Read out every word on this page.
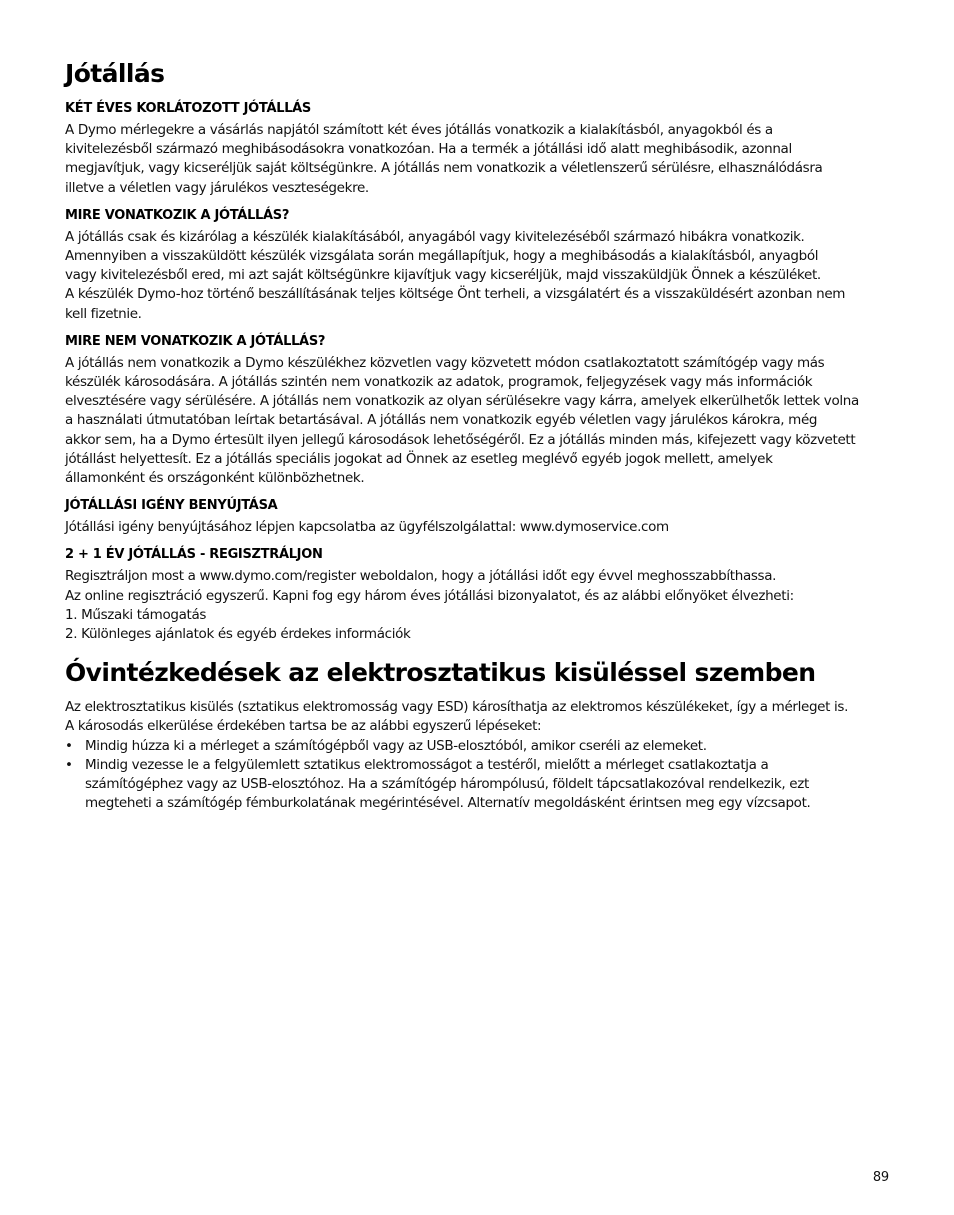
Jótállás
KÉT ÉVES KORLÁTOZOTT JÓTÁLLÁS

A Dymo mérlegekre a vásárlás napjától számított két éves jótállás vonatkozik a kialakításból, anyagokból és a
kivitelezésből származó meghibásodásokra vonatkozóan. Ha a termék a jótállási idő alatt meghibásodik, azonnal
megjavítjuk, vagy kicseréljük saját költségünkre. A jótállás nem vonatkozik a véletlenszerű sérülésre, elhasználódásra
illetve a véletlen vagy járulékos veszteségekre.

MIRE VONATKOZIK A JÓTÁLLÁS?

A jótállás csak és kizárólag a készülék kialakításából, anyagából vagy kivitelezéséből származó hibákra vonatkozik.
Amennyiben a visszaküldött készülék vizsgálata során megállapítjuk, hogy a meghibásodás a kialakításból, anyagból
vagy kivitelezésből ered, mi azt saját költségünkre kijavítjuk vagy kicseréljük, majd visszaküldjük Önnek a készüléket.
A készülék Dymo-hoz történő beszállításának teljes költsége Önt terheli, a vizsgálatért és a visszaküldésért azonban nem
kell fizetnie.

MIRE NEM VONATKOZIK A JÓTÁLLÁS?

A jótállás nem vonatkozik a Dymo készülékhez közvetlen vagy közvetett módon csatlakoztatott számítógép vagy más
készülék károsodására. A jótállás szintén nem vonatkozik az adatok, programok, feljegyzések vagy más információk
elvesztésére vagy sérülésére. A jótállás nem vonatkozik az olyan sérülésekre vagy kárra, amelyek elkerülhetők lettek volna
a használati útmutatóban leírtak betartásával. A jótállás nem vonatkozik egyéb véletlen vagy járulékos károkra, még
akkor sem, ha a Dymo értesült ilyen jellegű károsodások lehetőségéről. Ez a jótállás minden más, kifejezett vagy közvetett
jótállást helyettesít. Ez a jótállás speciális jogokat ad Önnek az esetleg meglévő egyéb jogok mellett, amelyek
államonként és országonként különbözhetnek.

JÓTÁLLÁSI IGÉNY BENYÚJTÁSA

Jótállási igény benyújtásához lépjen kapcsolatba az ügyfélszolgálattal: www.dymoservice.com

2 + 1 ÉV JÓTÁLLÁS - REGISZTRÁLJON

Regisztráljon most a www.dymo.com/register weboldalon, hogy a jótállási időt egy évvel meghosszabbíthassa.
Az online regisztráció egyszerű. Kapni fog egy három éves jótállási bizonyalatot, és az alábbi előnyöket élvezheti:
1. Műszaki támogatás
2. Különleges ajánlatok és egyéb érdekes információk

Óvintézkedések az elektrosztatikus kisüléssel szemben

Az elektrosztatikus kisülés (sztatikus elektromosság vagy ESD) károsíthatja az elektromos készülékeket, így a mérleget is.
A károsodás elkerülése érdekében tartsa be az alábbi egyszerű lépéseket:

• Mindig húzza ki a mérleget a számítógépből vagy az USB-elosztóból, amikor cseréli az elemeket.
• Mindig vezesse le a felgyülemlett sztatikus elektromosságot a testéről, mielőtt a mérleget csatlakoztatja a
számítógéphez vagy az USB-elosztóhoz. Ha a számítógép hárompólusú, földelt tápcsatlakozóval rendelkezik, ezt
megteheti a számítógép fémburkolatának megérintésével. Alternatív megoldásként érintsen meg egy vízcsapot.
89
